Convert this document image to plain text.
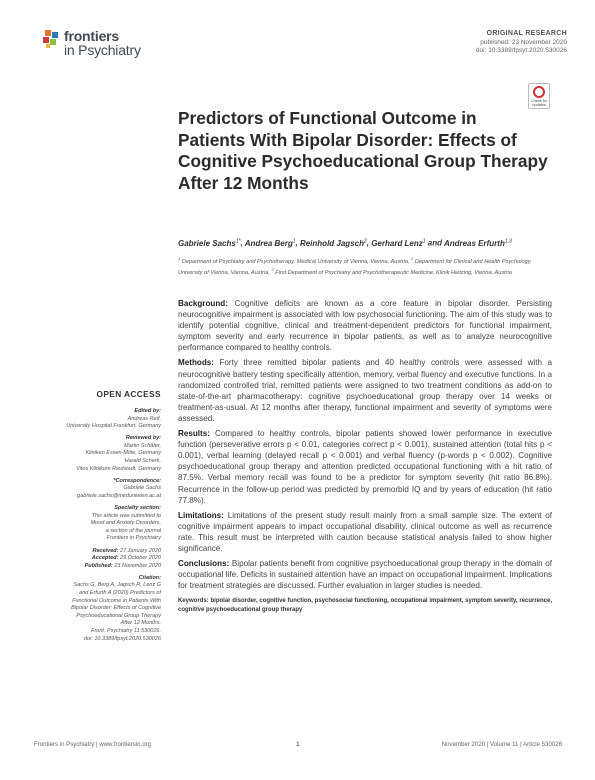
frontiers
in Psychiatry
ORIGINAL RESEARCH
published: 23 November 2020
doi: 10.3389/fpsyt.2020.530026
Check for
updates
Predictors of Functional Outcome in Patients With Bipolar Disorder: Effects of Cognitive Psychoeducational Group Therapy After 12 Months
Gabriele Sachs$^{1*}$, Andrea Berg$^1$, Reinhold Jagsch$^2$, Gerhard Lenz$^1$ and Andreas Erfurth$^{1,3}$
$^1$ Department of Psychiatry and Psychotherapy, Medical University of Vienna, Vienna, Austria, $^2$ Department for Clinical and Health Psychology, University of Vienna, Vienna, Austria, $^3$ First Department of Psychiatry and Psychotherapeutic Medicine, Klinik Hietzing, Vienna, Austria

Background: Cognitive deficits are known as a core feature in bipolar disorder. Persisting neurocognitive impairment is associated with low psychosocial functioning. The aim of this study was to identify potential cognitive, clinical and treatment-dependent predictors for functional impairment, symptom severity and early recurrence in bipolar patients, as well as to analyze neurocognitive performance compared to healthy controls.

Methods: Forty three remitted bipolar patients and 40 healthy controls were assessed with a neurocognitive battery testing specifically attention, memory, verbal fluency and executive functions. In a randomized controlled trial, remitted patients were assigned to two treatment conditions as add-on to state-of-the-art pharmacotherapy: cognitive psychoeducational group therapy over 14 weeks or treatment-as-usual. At 12 months after therapy, functional impairment and severity of symptoms were assessed.

Results: Compared to healthy controls, bipolar patients showed lower performance in executive function (perseverative errors p < 0.01, categories correct p < 0.001), sustained attention (total hits p < 0.001), verbal learning (delayed recall p < 0.001) and verbal fluency (p-words p < 0.002). Cognitive psychoeducational group therapy and attention predicted occupational functioning with a hit ratio of 87.5%. Verbal memory recall was found to be a predictor for symptom severity (hit ratio 86.8%). Recurrence in the follow-up period was predicted by premorbid IQ and by years of education (hit ratio 77.8%).

Limitations: Limitations of the present study result mainly from a small sample size. The extent of cognitive impairment appears to impact occupational disability, clinical outcome as well as recurrence rate. This result must be interpreted with caution because statistical analysis failed to show higher significance.

Conclusions: Bipolar patients benefit from cognitive psychoeducational group therapy in the domain of occupational life. Deficits in sustained attention have an impact on occupational impairment. Implications for treatment strategies are discussed. Further evaluation in larger studies is needed.

Keywords: bipolar disorder, cognitive function, psychosocial functioning, occupational impairment, symptom severity, recurrence, cognitive psychoeducational group therapy
OPEN ACCESS
Edited by:
Andreas Reif,
University Hospital Frankfurt, Germany
Reviewed by:
Martin Schäfer,
Kliniken Essen-Mitte, Germany
Harald Scherk,
Vitos Klinikum Riedstadt, Germany
*Correspondence:
Gabriele Sachs
gabriele.sachs@meduniwien.ac.at
Specialty section:
This article was submitted to
Mood and Anxiety Disorders,
a section of the journal
Frontiers in Psychiatry
Received: 27 January 2020
Accepted: 29 October 2020
Published: 23 November 2020
Citation:
Sachs G, Berg A, Jagsch R, Lenz G
and Erfurth A (2020) Predictors of
Functional Outcome in Patients With
Bipolar Disorder: Effects of Cognitive
Psychoeducational Group Therapy
After 12 Months.
Front. Psychiatry 11:530026.
doi: 10.3389/fpsyt.2020.530026
Frontiers in Psychiatry | www.frontiersin.org	1	November 2020 | Volume 11 | Article 530026
